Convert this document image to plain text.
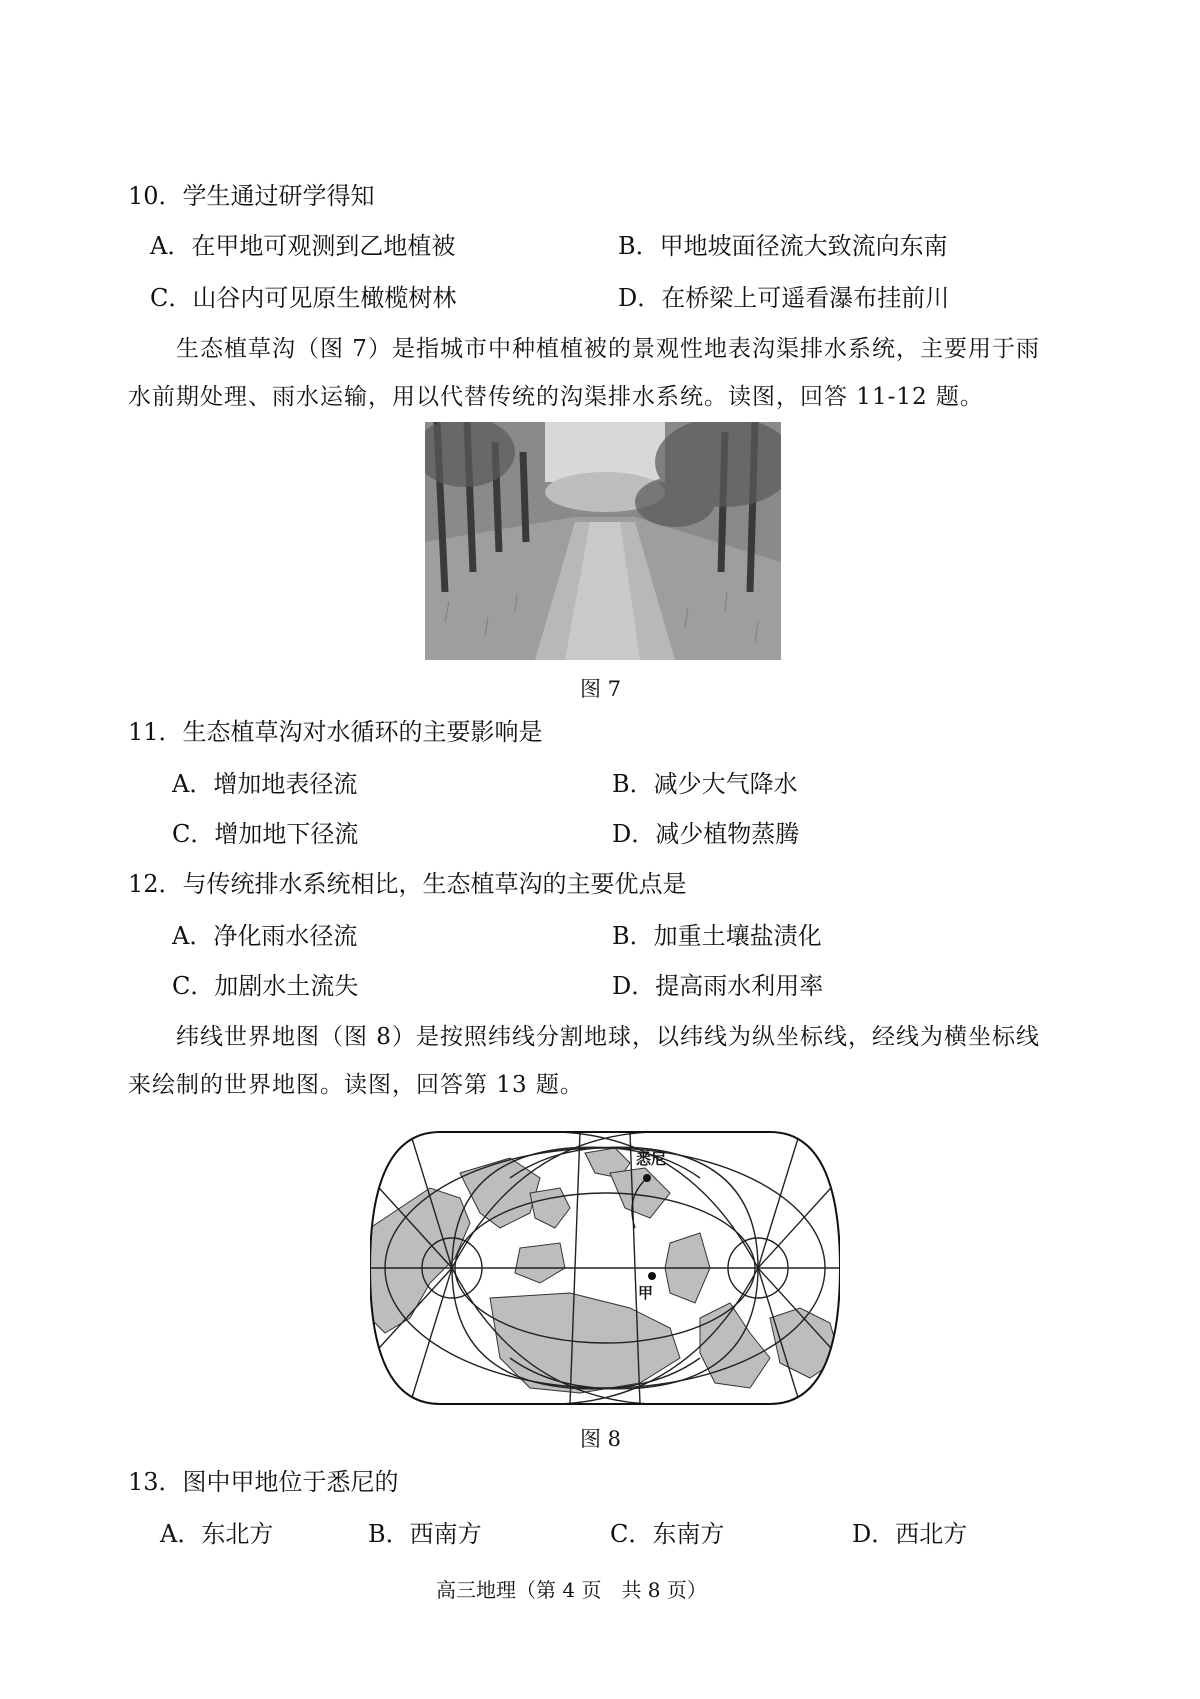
10．学生通过研学得知
A．在甲地可观测到乙地植被	B．甲地坡面径流大致流向东南
C．山谷内可见原生橄榄树林	D．在桥梁上可遥看瀑布挂前川
生态植草沟（图 7）是指城市中种植植被的景观性地表沟渠排水系统，主要用于雨
水前期处理、雨水运输，用以代替传统的沟渠排水系统。读图，回答 11-12 题。
图 7
11．生态植草沟对水循环的主要影响是
A．增加地表径流	B．减少大气降水
C．增加地下径流	D．减少植物蒸腾
12．与传统排水系统相比，生态植草沟的主要优点是
A．净化雨水径流	B．加重土壤盐渍化
C．加剧水土流失	D．提高雨水利用率
纬线世界地图（图 8）是按照纬线分割地球，以纬线为纵坐标线，经线为横坐标线
来绘制的世界地图。读图，回答第 13 题。
悉尼
甲
图 8
13．图中甲地位于悉尼的
A．东北方	B．西南方	C．东南方	D．西北方
高三地理（第 4 页　共 8 页）
